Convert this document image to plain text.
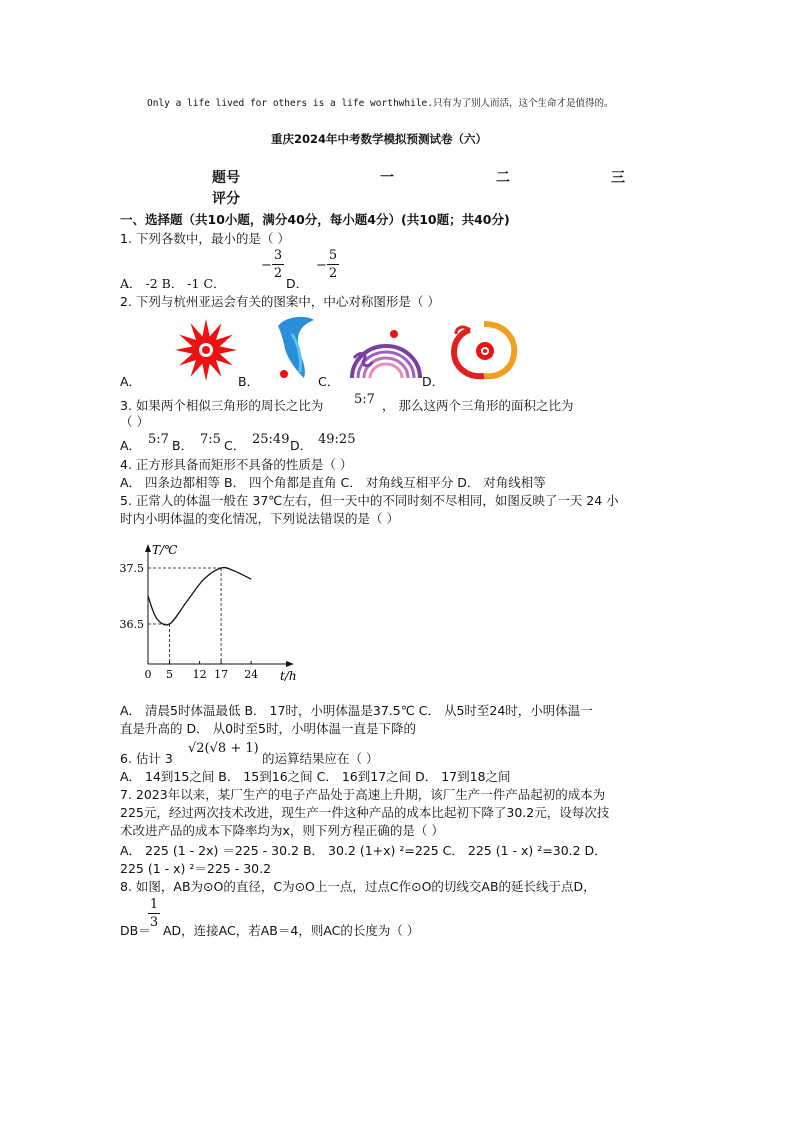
Only a life lived for others is a life worthwhile.只有为了别人而活，这个生命才是值得的。
重庆2024年中考数学模拟预测试卷（六）
题号	一	二	三
评分
一、选择题（共10小题，满分40分，每小题4分）(共10题；共40分)
1. 下列各数中，最小的是（ ）
A． -2 B． -1 C．
−
3
2
D．
−
5
2
2. 下列与杭州亚运会有关的图案中，中心对称图形是（ ）
A．	B．	C．	D．
3. 如果两个相似三角形的周长之比为 5:7 ， 那么这两个三角形的面积之比为
（ ）
A． 5:7 B． 7:5 C． 25:49 D． 49:25
4. 正方形具备而矩形不具备的性质是（ ）
A． 四条边都相等 B． 四个角都是直角 C． 对角线互相平分 D． 对角线相等
5. 正常人的体温一般在 37℃左右，但一天中的不同时刻不尽相同，如图反映了一天 24 小
时内小明体温的变化情况，下列说法错误的是（ ）
T/℃
t/h
0 5 12 17 24
36.5
37.5
A． 清晨5时体温最低 B． 17时，小明体温是37.5℃ C． 从5时至24时，小明体温一
直是升高的 D． 从0时至5时，小明体温一直是下降的
6. 估计 3
√2(√8 + 1)
的运算结果应在（ ）
A． 14到15之间 B． 15到16之间 C． 16到17之间 D． 17到18之间
7. 2023年以来，某厂生产的电子产品处于高速上升期，该厂生产一件产品起初的成本为
225元，经过两次技术改进，现生产一件这种产品的成本比起初下降了30.2元，设每次技
术改进产品的成本下降率均为x，则下列方程正确的是（ ）
A． 225 (1 - 2x) ＝225 - 30.2 B． 30.2 (1+x) ²=225 C． 225 (1 - x) ²=30.2 D．
225 (1 - x) ²＝225 - 30.2
8. 如图，AB为⊙O的直径，C为⊙O上一点，过点C作⊙O的切线交AB的延长线于点D，
DB＝
1
3
AD，连接AC，若AB＝4，则AC的长度为（ ）
